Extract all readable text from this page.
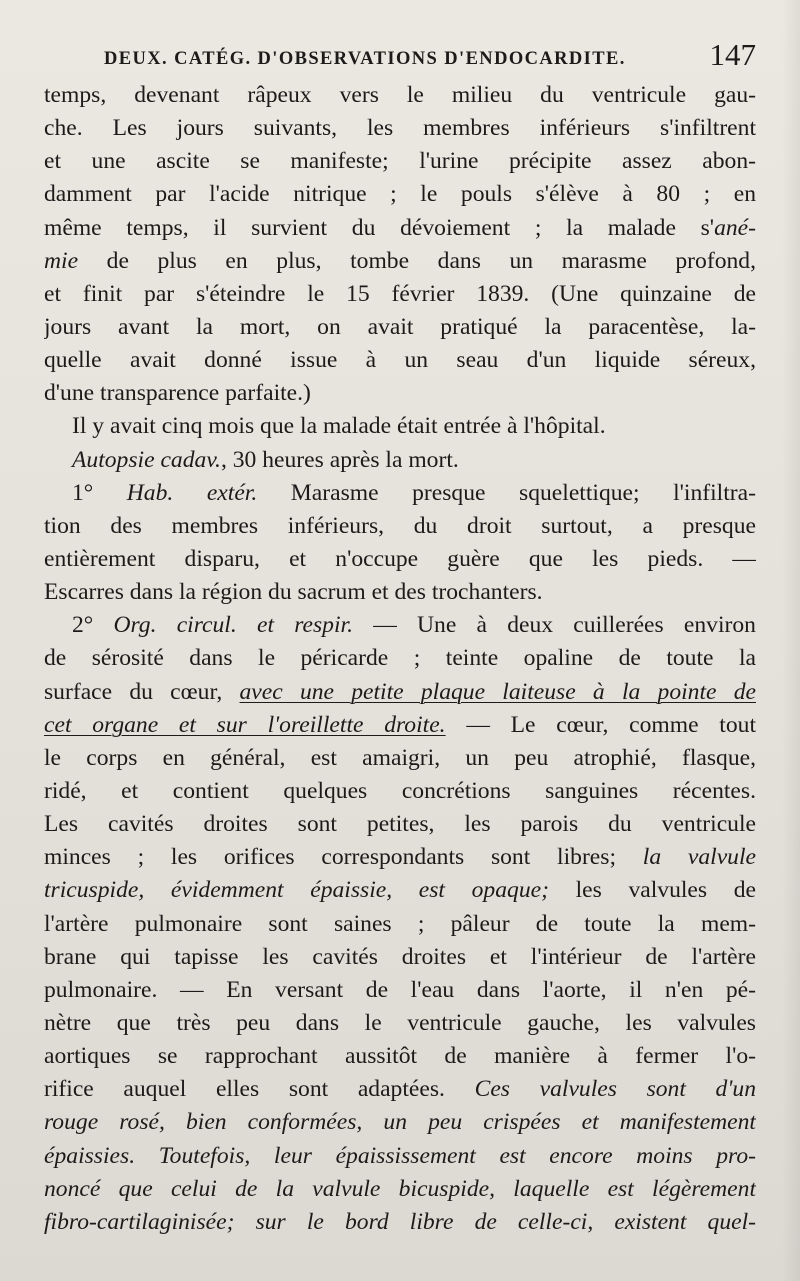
DEUX. CATÉG. D'OBSERVATIONS D'ENDOCARDITE.	147
temps, devenant râpeux vers le milieu du ventricule gau-
che. Les jours suivants, les membres inférieurs s'infiltrent
et une ascite se manifeste; l'urine précipite assez abon-
damment par l'acide nitrique ; le pouls s'élève à 80 ; en
même temps, il survient du dévoiement ; la malade s'ané-
mie de plus en plus, tombe dans un marasme profond,
et finit par s'éteindre le 15 février 1839. (Une quinzaine de
jours avant la mort, on avait pratiqué la paracentèse, la-
quelle avait donné issue à un seau d'un liquide séreux,
d'une transparence parfaite.)
Il y avait cinq mois que la malade était entrée à l'hôpital.
Autopsie cadav., 30 heures après la mort.
1° Hab. extér. Marasme presque squelettique; l'infiltra-
tion des membres inférieurs, du droit surtout, a presque
entièrement disparu, et n'occupe guère que les pieds. —
Escarres dans la région du sacrum et des trochanters.
2° Org. circul. et respir. — Une à deux cuillerées environ
de sérosité dans le péricarde ; teinte opaline de toute la
surface du cœur, avec une petite plaque laiteuse à la pointe de
cet organe et sur l'oreillette droite. — Le cœur, comme tout
le corps en général, est amaigri, un peu atrophié, flasque,
ridé, et contient quelques concrétions sanguines récentes.
Les cavités droites sont petites, les parois du ventricule
minces ; les orifices correspondants sont libres; la valvule
tricuspide, évidemment épaissie, est opaque; les valvules de
l'artère pulmonaire sont saines ; pâleur de toute la mem-
brane qui tapisse les cavités droites et l'intérieur de l'artère
pulmonaire. — En versant de l'eau dans l'aorte, il n'en pé-
nètre que très peu dans le ventricule gauche, les valvules
aortiques se rapprochant aussitôt de manière à fermer l'o-
rifice auquel elles sont adaptées. Ces valvules sont d'un
rouge rosé, bien conformées, un peu crispées et manifestement
épaissies. Toutefois, leur épaississement est encore moins pro-
noncé que celui de la valvule bicuspide, laquelle est légèrement
fibro-cartilaginisée; sur le bord libre de celle-ci, existent quel-
